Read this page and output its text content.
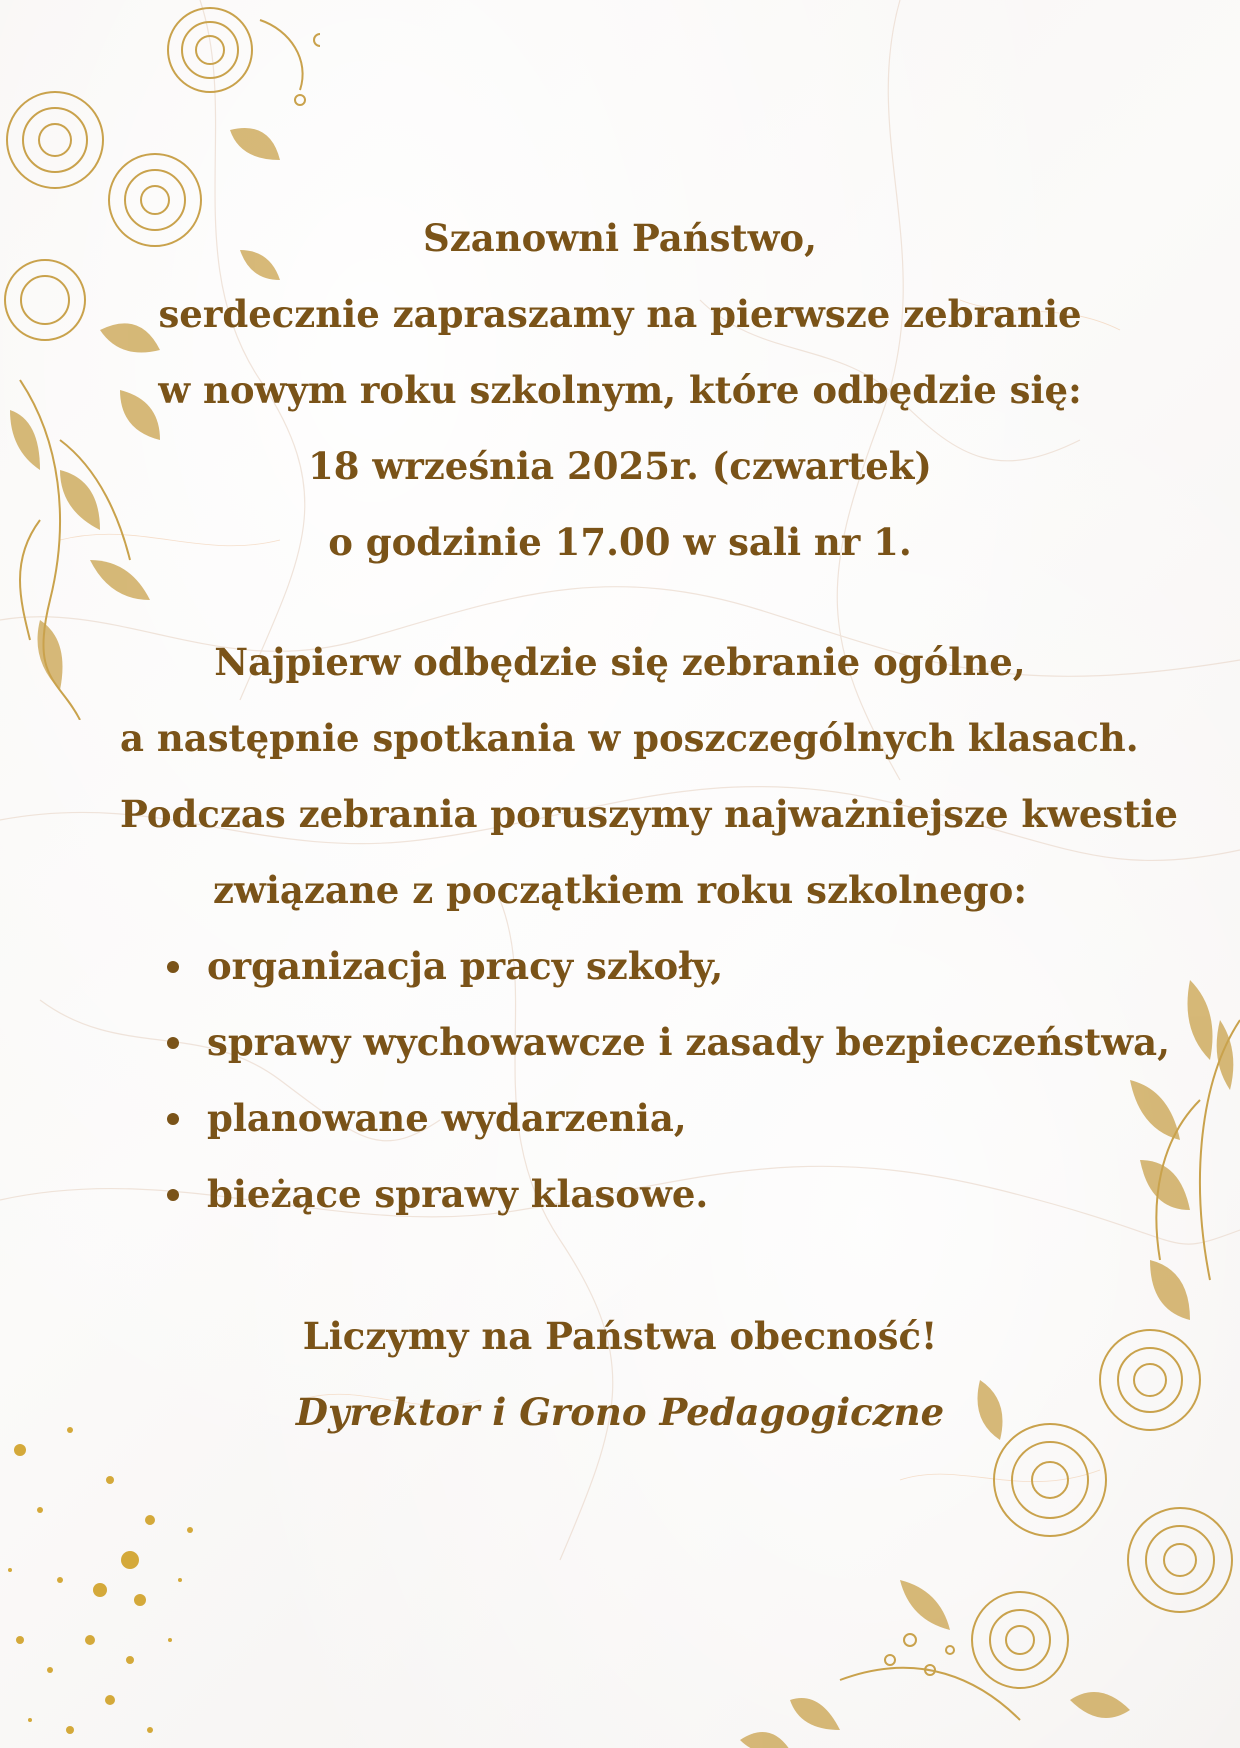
Szanowni Państwo,

serdecznie zapraszamy na pierwsze zebranie

w nowym roku szkolnym, które odbędzie się:

18 września 2025r. (czwartek)

o godzinie 17.00 w sali nr 1.

Najpierw odbędzie się zebranie ogólne,

a następnie spotkania w poszczególnych klasach.

Podczas zebrania poruszymy najważniejsze kwestie

związane z początkiem roku szkolnego:

organizacja pracy szkoły,
sprawy wychowawcze i zasady bezpieczeństwa,
planowane wydarzenia,
bieżące sprawy klasowe.

Liczymy na Państwa obecność!

Dyrektor i Grono Pedagogiczne
